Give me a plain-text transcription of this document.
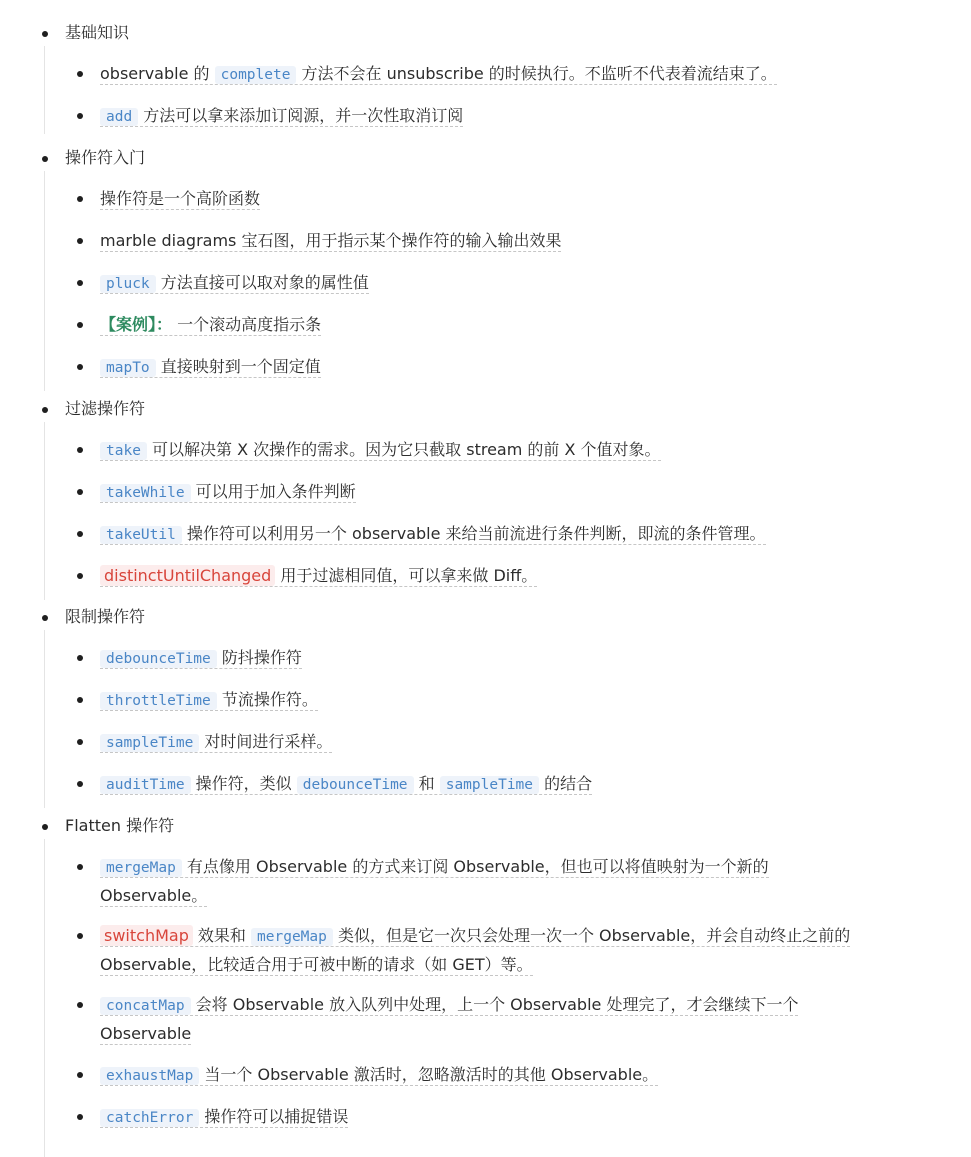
基础知识
observable 的 complete 方法不会在 unsubscribe 的时候执行。不监听不代表着流结束了。
add 方法可以拿来添加订阅源，并一次性取消订阅
操作符入门
操作符是一个高阶函数
marble diagrams 宝石图，用于指示某个操作符的输入输出效果
pluck 方法直接可以取对象的属性值
【案例】： 一个滚动高度指示条
mapTo 直接映射到一个固定值
过滤操作符
take 可以解决第 X 次操作的需求。因为它只截取 stream 的前 X 个值对象。
takeWhile 可以用于加入条件判断
takeUtil 操作符可以利用另一个 observable 来给当前流进行条件判断，即流的条件管理。
distinctUntilChanged 用于过滤相同值，可以拿来做 Diff。
限制操作符
debounceTime 防抖操作符
throttleTime 节流操作符。
sampleTime 对时间进行采样。
auditTime 操作符，类似 debounceTime 和 sampleTime 的结合
Flatten 操作符
mergeMap 有点像用 Observable 的方式来订阅 Observable，但也可以将值映射为一个新的 Observable。
switchMap 效果和 mergeMap 类似，但是它一次只会处理一次一个 Observable，并会自动终止之前的 Observable，比较适合用于可被中断的请求（如 GET）等。
concatMap 会将 Observable 放入队列中处理，上一个 Observable 处理完了，才会继续下一个 Observable
exhaustMap 当一个 Observable 激活时，忽略激活时的其他 Observable。
catchError 操作符可以捕捉错误
